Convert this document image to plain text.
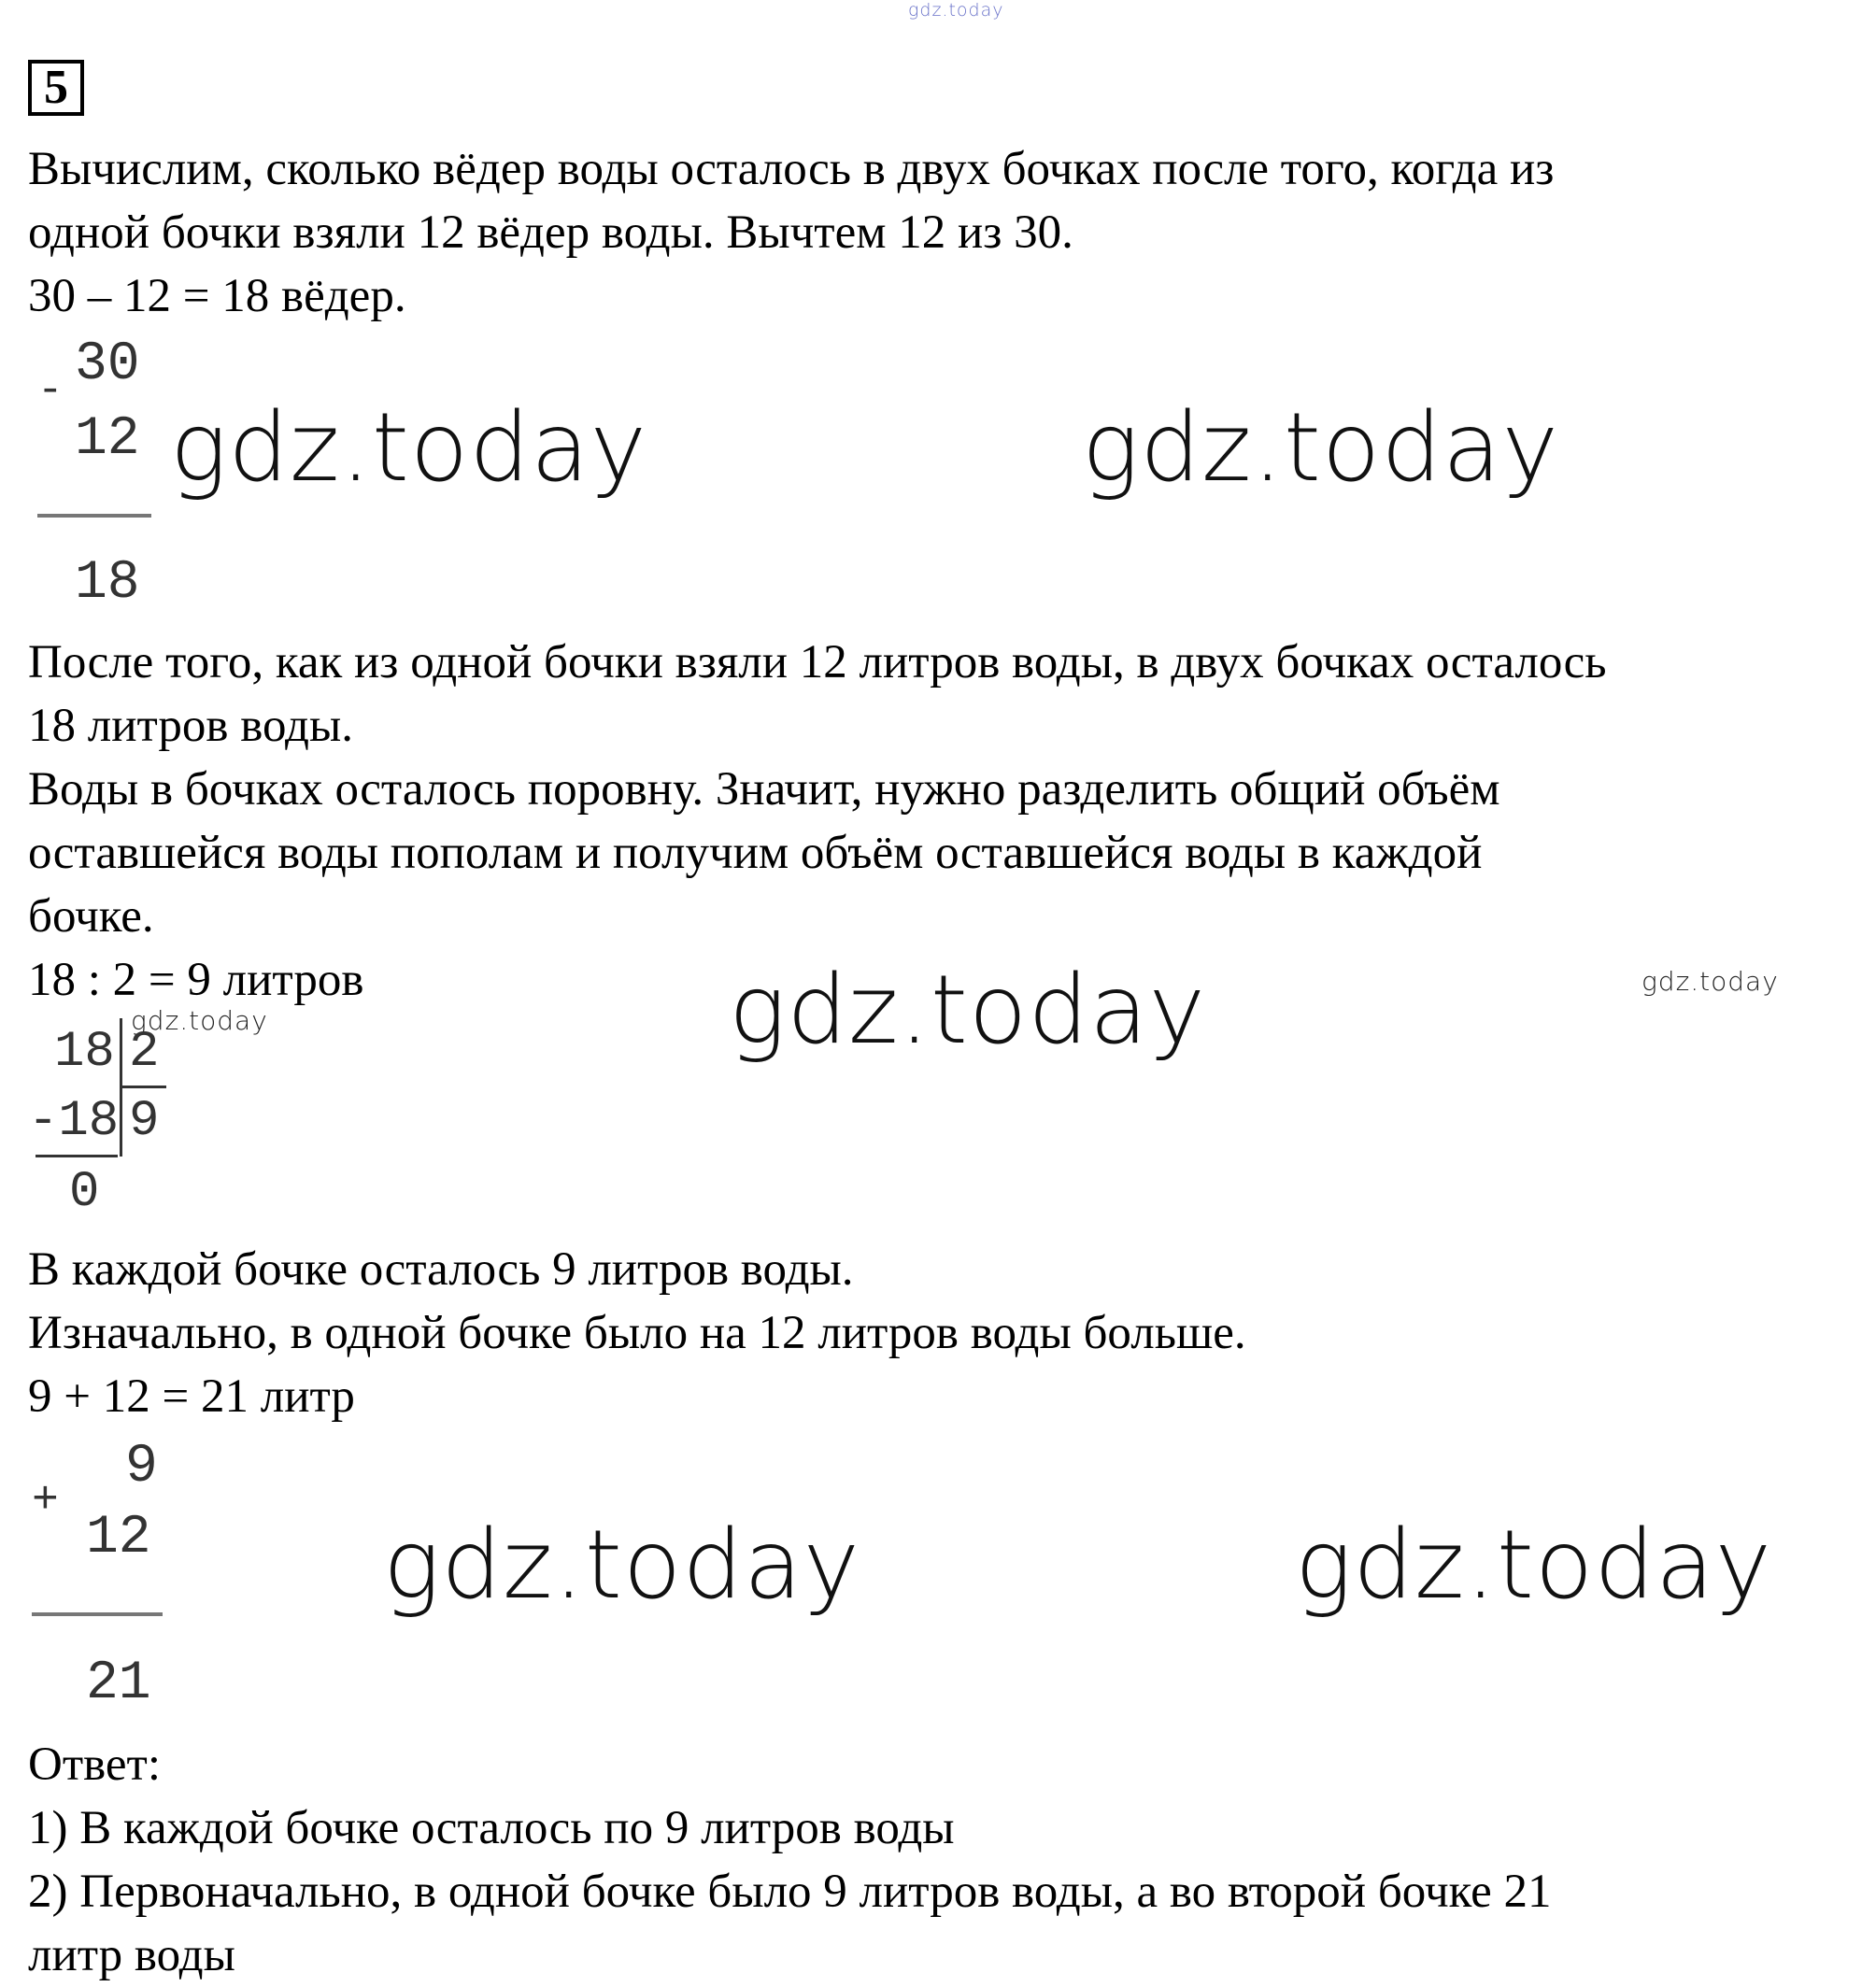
gdz.today
5
Вычислим, сколько вёдер воды осталось в двух бочках после того, когда из
одной бочки взяли 12 вёдер воды. Вычтем 12 из 30.
30 – 12 = 18 вёдер.
30
-
12
18
gdz.today	gdz.today
После того, как из одной бочки взяли 12 литров воды, в двух бочках осталось
18 литров воды.
Воды в бочках осталось поровну. Значит, нужно разделить общий объём
оставшейся воды пополам и получим объём оставшейся воды в каждой
бочке.
18 : 2 = 9 литров	gdz.today	gdz.today
gdz.today
18 2
-18 9
0
В каждой бочке осталось 9 литров воды.
Изначально, в одной бочке было на 12 литров воды больше.
9 + 12 = 21 литр
9
+
12
21
gdz.today	gdz.today
Ответ:
1) В каждой бочке осталось по 9 литров воды
2) Первоначально, в одной бочке было 9 литров воды, а во второй бочке 21
литр воды
